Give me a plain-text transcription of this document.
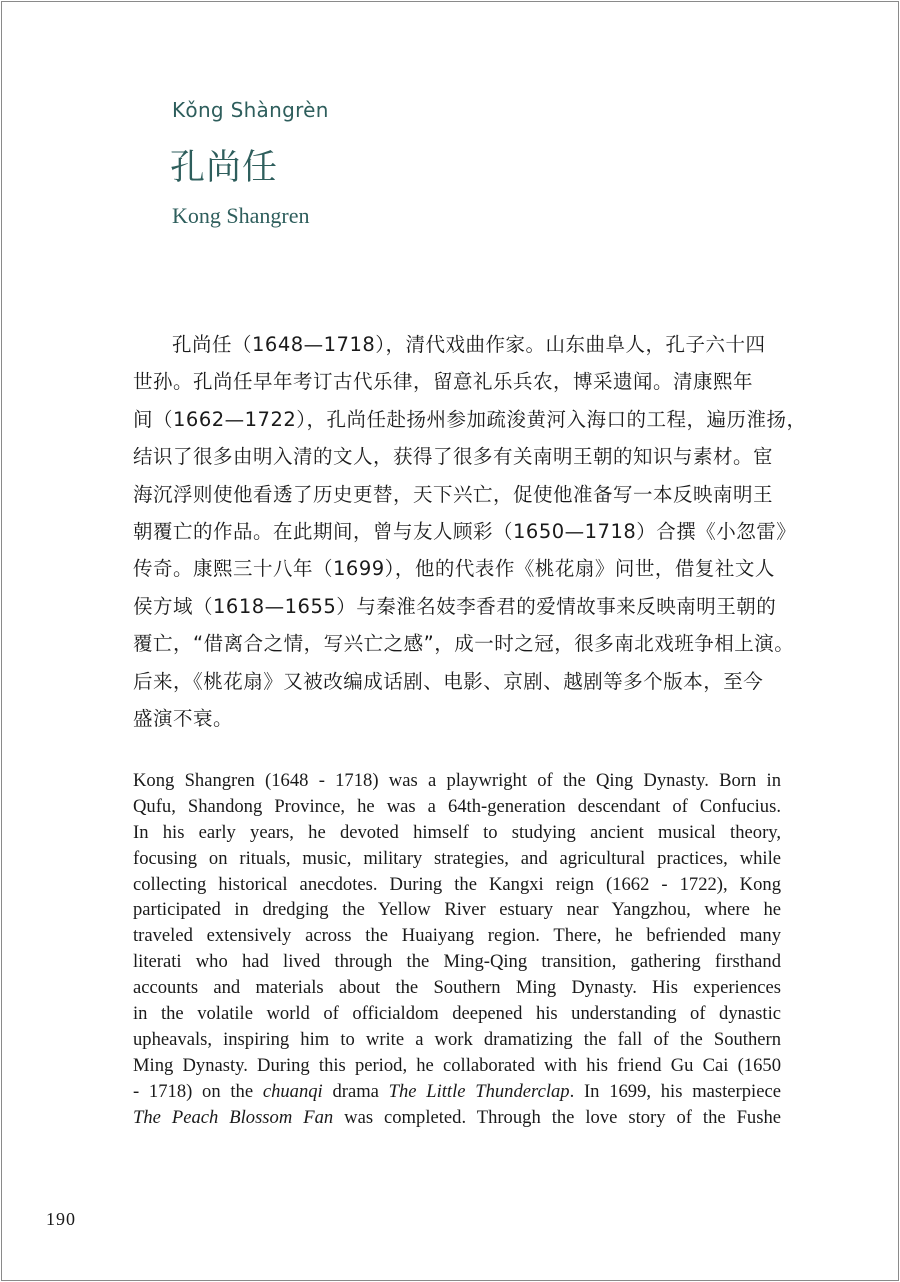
Kǒng Shàngrèn
孔尚任
Kong Shangren
孔尚任（1648—1718），清代戏曲作家。山东曲阜人，孔子六十四
世孙。孔尚任早年考订古代乐律，留意礼乐兵农，博采遗闻。清康熙年
间（1662—1722），孔尚任赴扬州参加疏浚黄河入海口的工程，遍历淮扬，
结识了很多由明入清的文人，获得了很多有关南明王朝的知识与素材。宦
海沉浮则使他看透了历史更替，天下兴亡，促使他准备写一本反映南明王
朝覆亡的作品。在此期间，曾与友人顾彩（1650—1718）合撰《小忽雷》
传奇。康熙三十八年（1699），他的代表作《桃花扇》问世，借复社文人
侯方域（1618—1655）与秦淮名妓李香君的爱情故事来反映南明王朝的
覆亡，“借离合之情，写兴亡之感”，成一时之冠，很多南北戏班争相上演。
后来，《桃花扇》又被改编成话剧、电影、京剧、越剧等多个版本，至今
盛演不衰。
Kong Shangren (1648 - 1718) was a playwright of the Qing Dynasty. Born in
Qufu, Shandong Province, he was a 64th-generation descendant of Confucius.
In his early years, he devoted himself to studying ancient musical theory,
focusing on rituals, music, military strategies, and agricultural practices, while
collecting historical anecdotes. During the Kangxi reign (1662 - 1722), Kong
participated in dredging the Yellow River estuary near Yangzhou, where he
traveled extensively across the Huaiyang region. There, he befriended many
literati who had lived through the Ming-Qing transition, gathering firsthand
accounts and materials about the Southern Ming Dynasty. His experiences
in the volatile world of officialdom deepened his understanding of dynastic
upheavals, inspiring him to write a work dramatizing the fall of the Southern
Ming Dynasty. During this period, he collaborated with his friend Gu Cai (1650
- 1718) on the chuanqi drama The Little Thunderclap. In 1699, his masterpiece
The Peach Blossom Fan was completed. Through the love story of the Fushe
190
